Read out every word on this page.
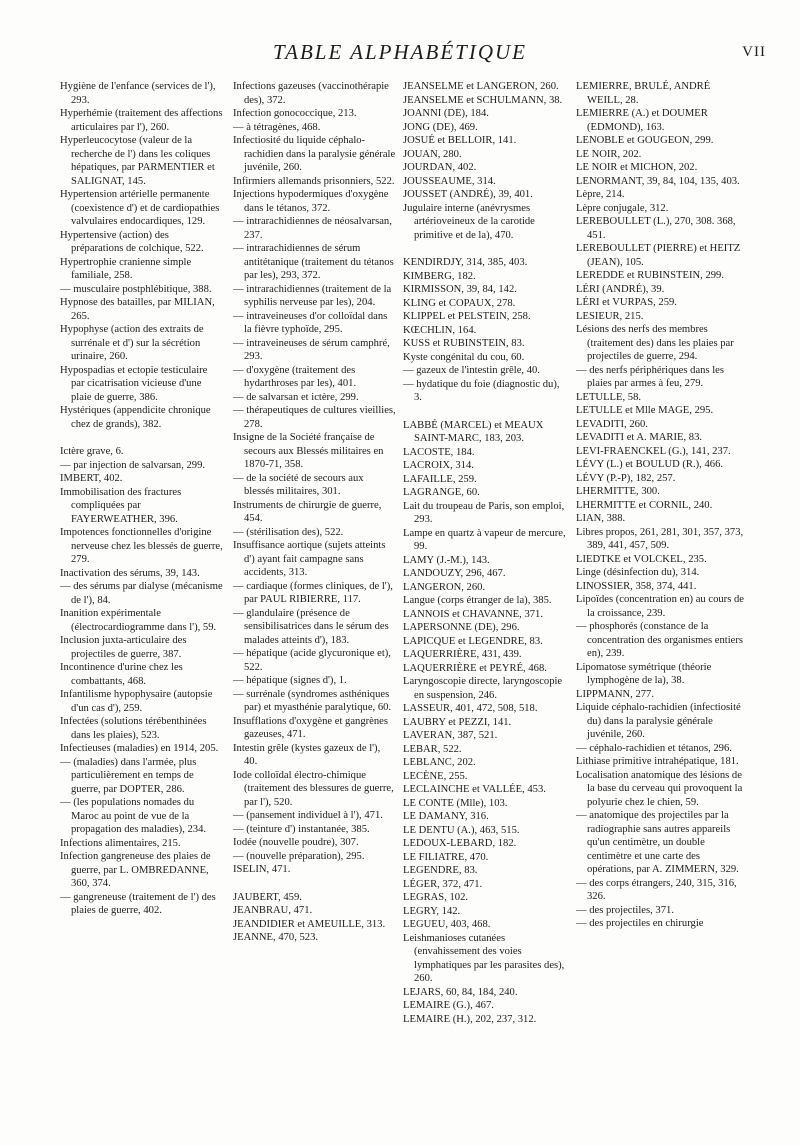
TABLE ALPHABÉTIQUE	VII

Hygiène de l'enfance (services de l'), 293.

Hyperhémie (traitement des affections articulaires par l'), 260.

Hyperleucocytose (valeur de la recherche de l') dans les coliques hépatiques, par PARMENTIER et SALIGNAT, 145.

Hypertension artérielle permanente (coexistence d') et de cardiopathies valvulaires endocardiques, 129.

Hypertensive (action) des préparations de colchique, 522.

Hypertrophie cranienne simple familiale, 258.

— musculaire postphlébitique, 388.

Hypnose des batailles, par MILIAN, 265.

Hypophyse (action des extraits de surrénale et d') sur la sécrétion urinaire, 260.

Hypospadias et ectopie testiculaire par cicatrisation vicieuse d'une plaie de guerre, 386.

Hystériques (appendicite chronique chez de grands), 382.

Ictère grave, 6.

— par injection de salvarsan, 299.

IMBERT, 402.

Immobilisation des fractures compliquées par FAYERWEATHER, 396.

Impotences fonctionnelles d'origine nerveuse chez les blessés de guerre, 279.

Inactivation des sérums, 39, 143.

— des sérums par dialyse (mécanisme de l'), 84.

Inanition expérimentale (électrocardiogramme dans l'), 59.

Inclusion juxta-articulaire des projectiles de guerre, 387.

Incontinence d'urine chez les combattants, 468.

Infantilisme hypophysaire (autopsie d'un cas d'), 259.

Infectées (solutions térébenthinées dans les plaies), 523.

Infectieuses (maladies) en 1914, 205.

— (maladies) dans l'armée, plus particulièrement en temps de guerre, par DOPTER, 286.

— (les populations nomades du Maroc au point de vue de la propagation des maladies), 234.

Infections alimentaires, 215.

Infection gangreneuse des plaies de guerre, par L. OMBREDANNE, 360, 374.

— gangreneuse (traitement de l') des plaies de guerre, 402.

Infections gazeuses (vaccinothérapie des), 372.

Infection gonococcique, 213.

— à tétragènes, 468.

Infectiosité du liquide céphalo-rachidien dans la paralysie générale juvénile, 260.

Infirmiers allemands prisonniers, 522.

Injections hypodermiques d'oxygène dans le tétanos, 372.

— intrarachidiennes de néosalvarsan, 237.

— intrarachidiennes de sérum antitétanique (traitement du tétanos par les), 293, 372.

— intrarachidiennes (traitement de la syphilis nerveuse par les), 204.

— intraveineuses d'or colloïdal dans la fièvre typhoïde, 295.

— intraveineuses de sérum camphré, 293.

— d'oxygène (traitement des hydarthroses par les), 401.

— de salvarsan et ictère, 299.

— thérapeutiques de cultures vieillies, 278.

Insigne de la Société française de secours aux Blessés militaires en 1870-71, 358.

— de la société de secours aux blessés militaires, 301.

Instruments de chirurgie de guerre, 454.

— (stérilisation des), 522.

Insuffisance aortique (sujets atteints d') ayant fait campagne sans accidents, 313.

— cardiaque (formes cliniques, de l'), par PAUL RIBIERRE, 117.

— glandulaire (présence de sensibilisatrices dans le sérum des malades atteints d'), 183.

— hépatique (acide glycuronique et), 522.

— hépatique (signes d'), 1.

— surrénale (syndromes asthéniques par) et myasthénie paralytique, 60.

Insufflations d'oxygène et gangrènes gazeuses, 471.

Intestin grêle (kystes gazeux de l'), 40.

Iode colloïdal électro-chimique (traitement des blessures de guerre, par l'), 520.

— (pansement individuel à l'), 471.

— (teinture d') instantanée, 385.

Iodée (nouvelle poudre), 307.

— (nouvelle préparation), 295.

ISELIN, 471.

JAUBERT, 459.

JEANBRAU, 471.

JEANDIDIER et AMEUILLE, 313.

JEANNE, 470, 523.

JEANSELME et LANGERON, 260.

JEANSELME et SCHULMANN, 38.

JOANNI (DE), 184.

JONG (DE), 469.

JOSUÉ et BELLOIR, 141.

JOUAN, 280.

JOURDAN, 402.

JOUSSEAUME, 314.

JOUSSET (ANDRÉ), 39, 401.

Jugulaire interne (anévrysmes artérioveineux de la carotide primitive et de la), 470.

KENDIRDJY, 314, 385, 403.

KIMBERG, 182.

KIRMISSON, 39, 84, 142.

KLING et COPAUX, 278.

KLIPPEL et PELSTEIN, 258.

KŒCHLIN, 164.

KUSS et RUBINSTEIN, 83.

Kyste congénital du cou, 60.

— gazeux de l'intestin grêle, 40.

— hydatique du foie (diagnostic du), 3.

LABBÉ (MARCEL) et MEAUX SAINT-MARC, 183, 203.

LACOSTE, 184.

LACROIX, 314.

LAFAILLE, 259.

LAGRANGE, 60.

Lait du troupeau de Paris, son emploi, 293.

Lampe en quartz à vapeur de mercure, 99.

LAMY (J.-M.), 143.

LANDOUZY, 296, 467.

LANGERON, 260.

Langue (corps étranger de la), 385.

LANNOIS et CHAVANNE, 371.

LAPERSONNE (DE), 296.

LAPICQUE et LEGENDRE, 83.

LAQUERRIÈRE, 431, 439.

LAQUERRIÈRE et PEYRÉ, 468.

Laryngoscopie directe, laryngoscopie en suspension, 246.

LASSEUR, 401, 472, 508, 518.

LAUBRY et PEZZI, 141.

LAVERAN, 387, 521.

LEBAR, 522.

LEBLANC, 202.

LECÈNE, 255.

LECLAINCHE et VALLÉE, 453.

LE CONTE (Mlle), 103.

LE DAMANY, 316.

LE DENTU (A.), 463, 515.

LEDOUX-LEBARD, 182.

LE FILIATRE, 470.

LEGENDRE, 83.

LÉGER, 372, 471.

LEGRAS, 102.

LEGRY, 142.

LEGUEU, 403, 468.

Leishmanioses cutanées (envahissement des voies lymphatiques par les parasites des), 260.

LEJARS, 60, 84, 184, 240.

LEMAIRE (G.), 467.

LEMAIRE (H.), 202, 237, 312.

LEMIERRE, BRULÉ, ANDRÉ WEILL, 28.

LEMIERRE (A.) et DOUMER (EDMOND), 163.

LENOBLE et GOUGEON, 299.

LE NOIR, 202.

LE NOIR et MICHON, 202.

LENORMANT, 39, 84, 104, 135, 403.

Lèpre, 214.

Lèpre conjugale, 312.

LEREBOULLET (L.), 270, 308. 368, 451.

LEREBOULLET (PIERRE) et HEITZ (JEAN), 105.

LEREDDE et RUBINSTEIN, 299.

LÉRI (ANDRÉ), 39.

LÉRI et VURPAS, 259.

LESIEUR, 215.

Lésions des nerfs des membres (traitement des) dans les plaies par projectiles de guerre, 294.

— des nerfs périphériques dans les plaies par armes à feu, 279.

LETULLE, 58.

LETULLE et Mlle MAGE, 295.

LEVADITI, 260.

LEVADITI et A. MARIE, 83.

LEVI-FRAENCKEL (G.), 141, 237.

LÉVY (L.) et BOULUD (R.), 466.

LÉVY (P.-P), 182, 257.

LHERMITTE, 300.

LHERMITTE et CORNIL, 240.

LIAN, 388.

Libres propos, 261, 281, 301, 357, 373, 389, 441, 457, 509.

LIEDTKE et VOLCKEL, 235.

Linge (désinfection du), 314.

LINOSSIER, 358, 374, 441.

Lipoïdes (concentration en) au cours de la croissance, 239.

— phosphorés (constance de la concentration des organismes entiers en), 239.

Lipomatose symétrique (théorie lymphogène de la), 38.

LIPPMANN, 277.

Liquide céphalo-rachidien (infectiosité du) dans la paralysie générale juvénile, 260.

— céphalo-rachidien et tétanos, 296.

Lithiase primitive intrahépatique, 181.

Localisation anatomique des lésions de la base du cerveau qui provoquent la polyurie chez le chien, 59.

— anatomique des projectiles par la radiographie sans autres appareils qu'un centimètre, un double centimètre et une carte des opérations, par A. ZIMMERN, 329.

— des corps étrangers, 240, 315, 316, 326.

— des projectiles, 371.

— des projectiles en chirurgie
